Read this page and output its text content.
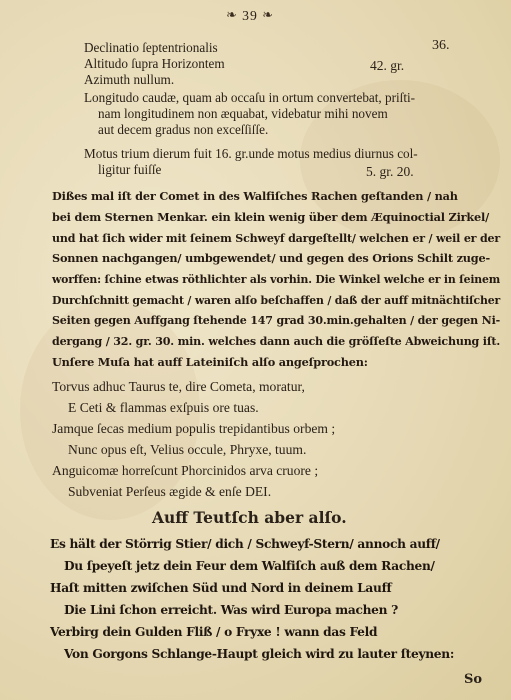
❧ 39 ❧
36.
Declinatio ſeptentrionalis
Altitudo ſupra Horizontem	42. gr.
Azimuth nullum.
Longitudo caudæ, quam ab occaſu in ortum convertebat, priſti-
nam longitudinem non æquabat, videbatur mihi novem
aut decem gradus non exceſſiſſe.
Motus trium dierum fuit 16. gr.unde motus medius diurnus col-
ligitur fuiſſe	5. gr. 20.
Dißes mal iſt der Comet in des Walfiſches Rachen geſtanden / nah
bei dem Sternen Menkar. ein klein wenig über dem Æquinoctial Zirkel/
und hat ſich wider mit ſeinem Schweyf dargeſtellt/ welchen er / weil er der
Sonnen nachgangen/ umbgewendet/ und gegen des Orions Schilt zuge-
worffen: ſchine etwas röthlichter als vorhin. Die Winkel welche er in ſeinem
Durchſchnitt gemacht / waren alſo beſchaffen / daß der auff mitnächtiſcher
Seiten gegen Auffgang ſtehende 147 grad 30.min.gehalten / der gegen Ni-
dergang / 32. gr. 30. min. welches dann auch die gröſſeſte Abweichung iſt.
Unſere Muſa hat auff Lateiniſch alſo angeſprochen:
Torvus adhuc Taurus te, dire Cometa, moratur,
E Ceti & flammas exſpuis ore tuas.
Jamque ſecas medium populis trepidantibus orbem ;
Nunc opus eſt, Velius occule, Phryxe, tuum.
Anguicomæ horreſcunt Phorcinidos arva cruore ;
Subveniat Perſeus ægide & enſe DEI.
Auff Teutſch aber alſo.
Es hält der Störrig Stier/ dich / Schweyf-Stern/ annoch auff/
Du ſpeyeſt jetz dein Feur dem Walfiſch auß dem Rachen/
Haſt mitten zwiſchen Süd und Nord in deinem Lauff
Die Lini ſchon erreicht. Was wird Europa machen ?
Verbirg dein Gulden Fliß / o Fryxe ! wann das Feld
Von Gorgons Schlange-Haupt gleich wird zu lauter ſteynen:
So
